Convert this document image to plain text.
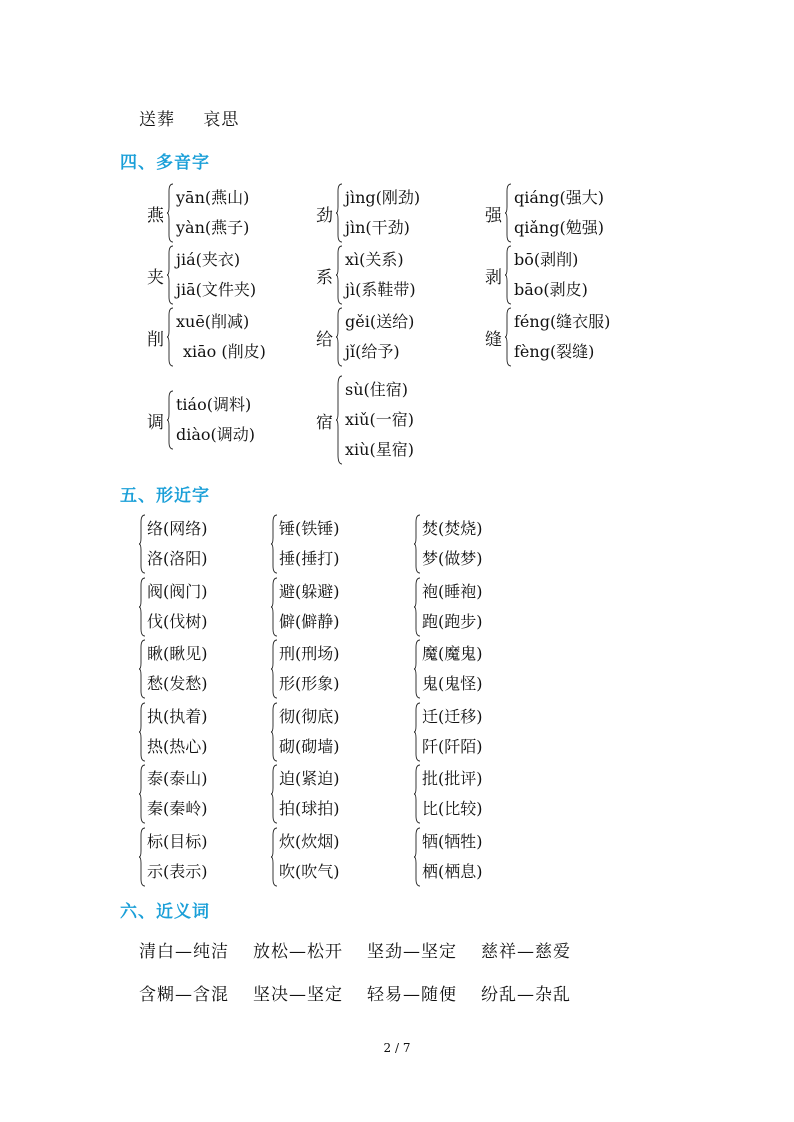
送葬 哀思
四、多音字
燕
yān(燕山)
yàn(燕子)
劲
jìng(刚劲)
jìn(干劲)
强
qiáng(强大)
qiǎng(勉强)
夹
jiá(夹衣)
jiā(文件夹)
系
xì(关系)
jì(系鞋带)
剥
bō(剥削)
bāo(剥皮)
削
xuē(削减)
xiāo (削皮)
给
gěi(送给)
jǐ(给予)
缝
féng(缝衣服)
fèng(裂缝)
调
tiáo(调料)
diào(调动)
宿
sù(住宿)
xiǔ(一宿)
xiù(星宿)
五、形近字
络(网络)
洛(洛阳)
锤(铁锤)
捶(捶打)
焚(焚烧)
梦(做梦)
阀(阀门)
伐(伐树)
避(躲避)
僻(僻静)
袍(睡袍)
跑(跑步)
瞅(瞅见)
愁(发愁)
刑(刑场)
形(形象)
魔(魔鬼)
鬼(鬼怪)
执(执着)
热(热心)
彻(彻底)
砌(砌墙)
迁(迁移)
阡(阡陌)
泰(泰山)
秦(秦岭)
迫(紧迫)
拍(球拍)
批(批评)
比(比较)
标(目标)
示(表示)
炊(炊烟)
吹(吹气)
牺(牺牲)
栖(栖息)
六、近义词
清白—纯洁 放松—松开 坚劲—坚定 慈祥—慈爱
含糊—含混 坚决—坚定 轻易—随便 纷乱—杂乱
2 / 7
